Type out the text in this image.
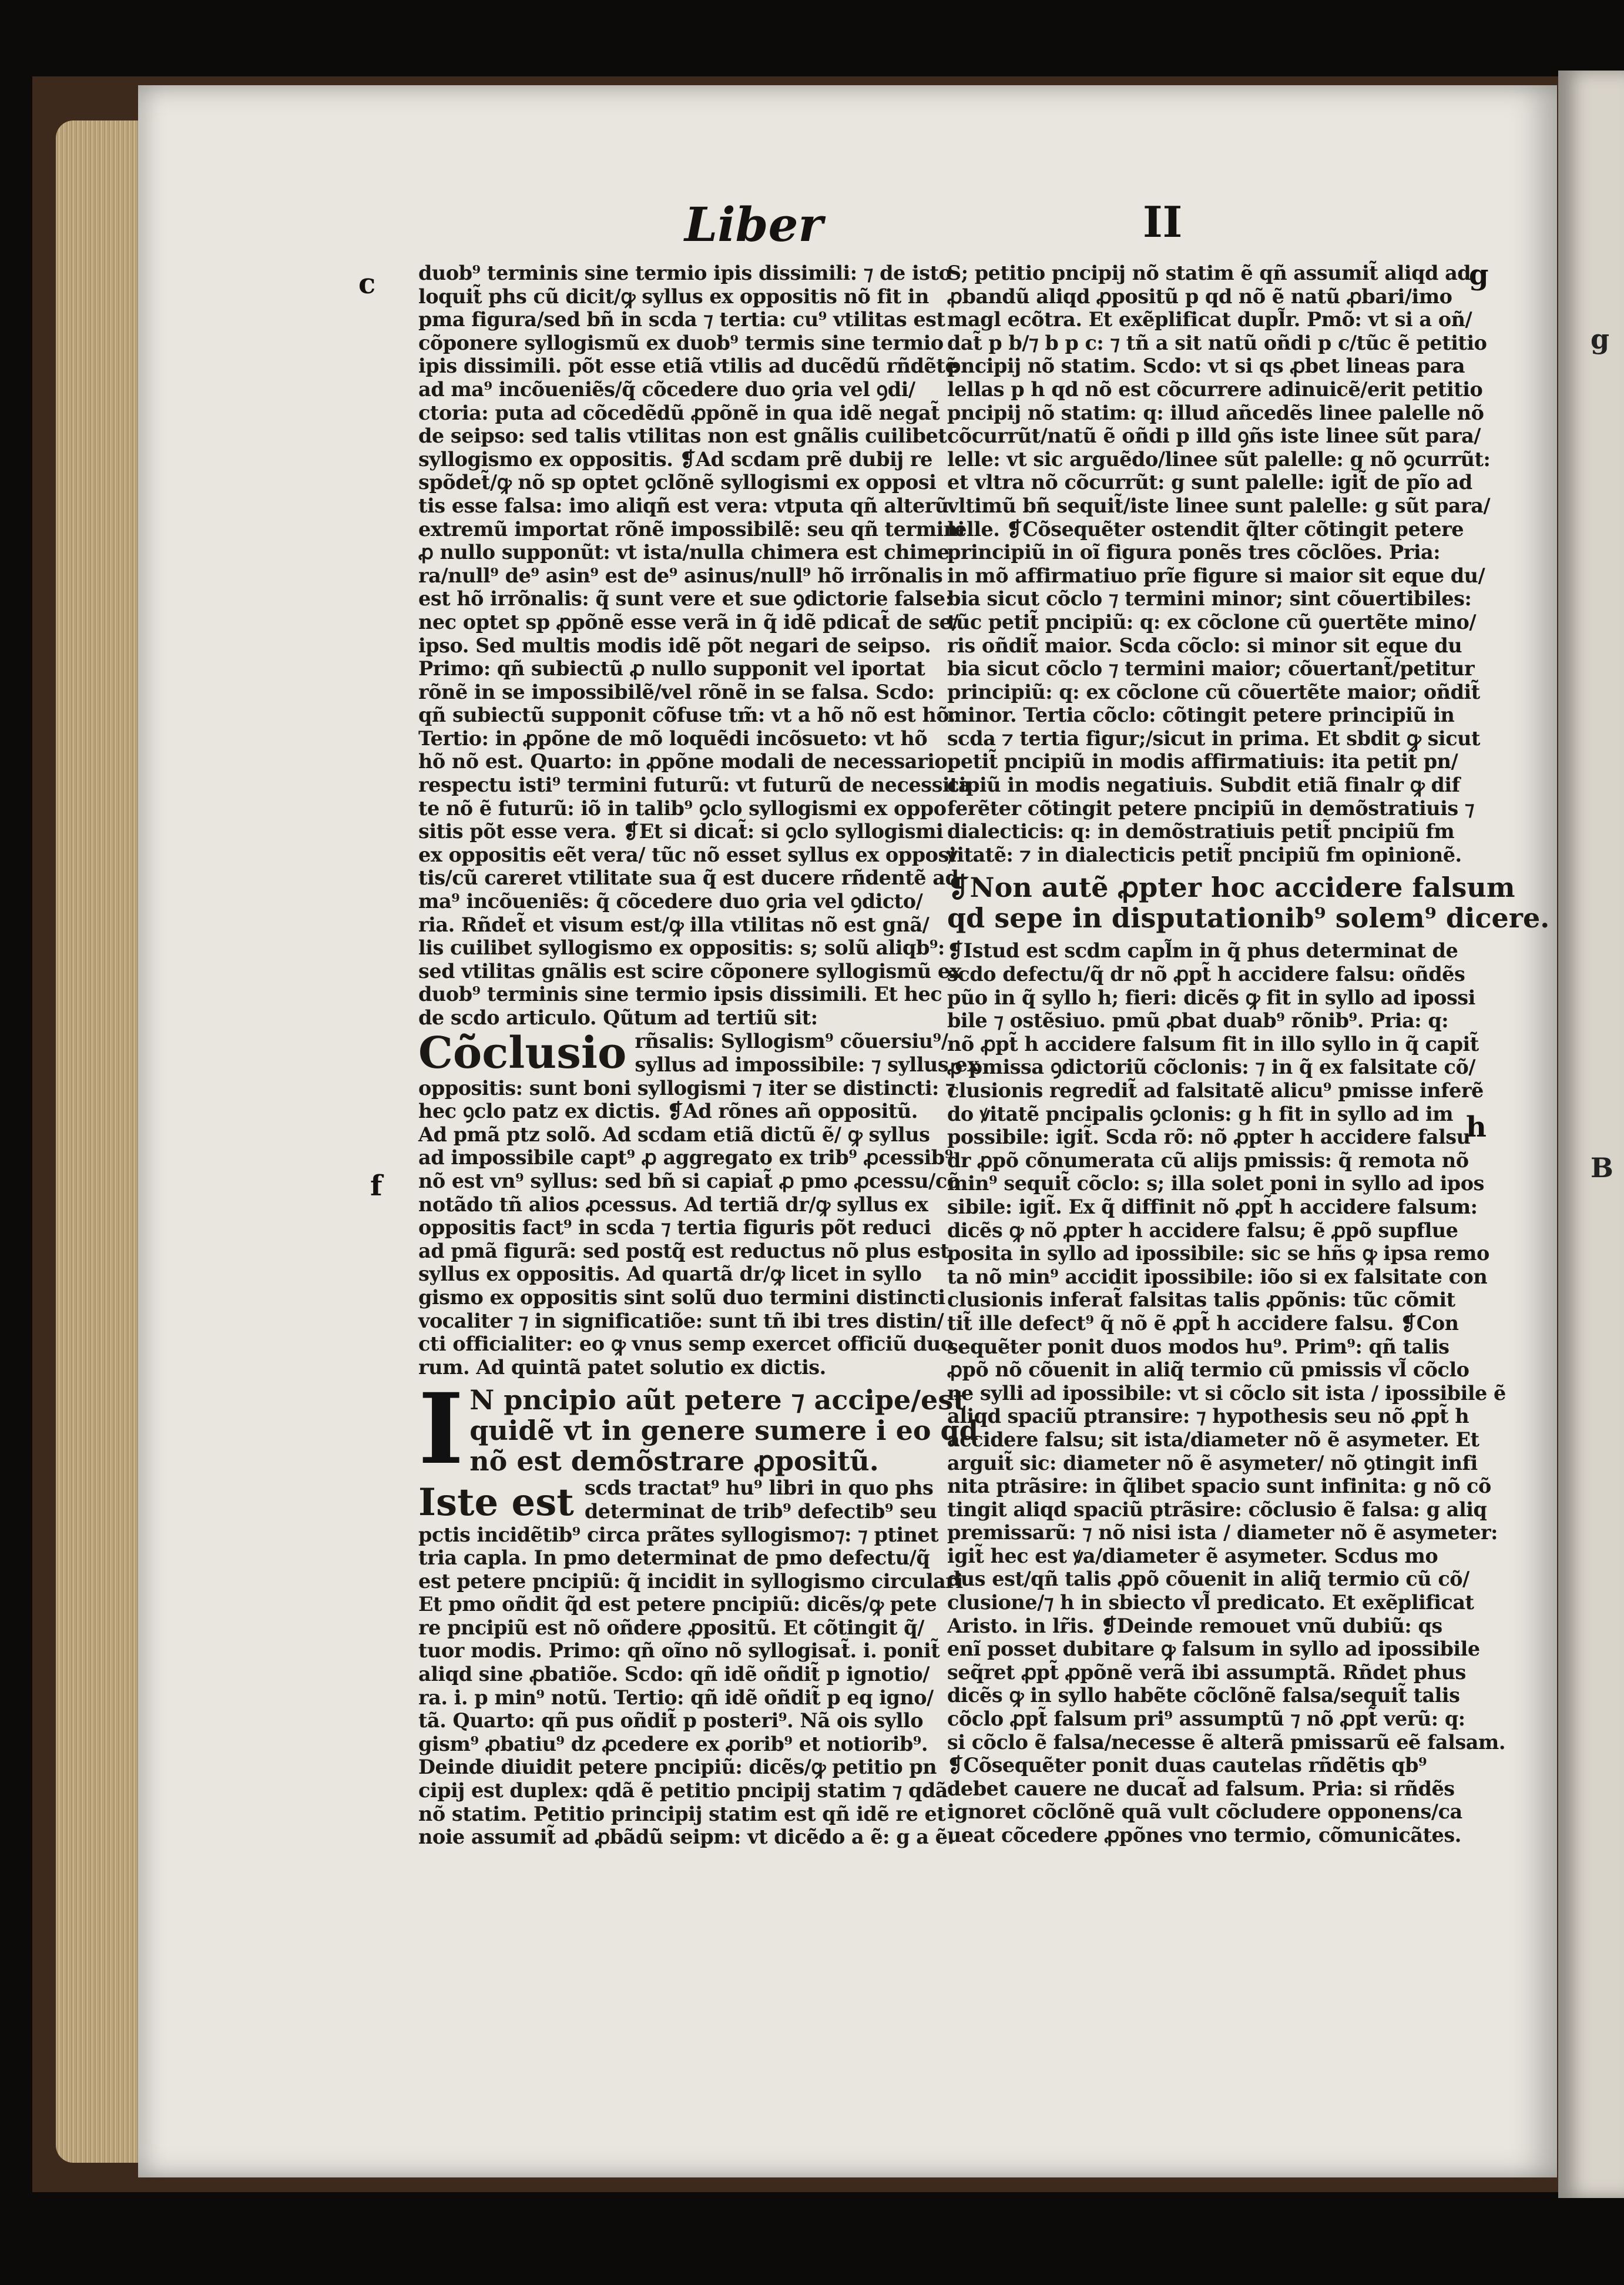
g
B
Liber	II
c
f
g
h
duob⁹ terminis sine termio ipis dissimili: ⁊ de isto
loquit̃ phs cũ dicit/ꝙ syllus ex oppositis nõ fit in
pma figura/sed bñ in scda ⁊ tertia: cu⁹ vtilitas est
cõponere syllogismũ ex duob⁹ termis sine termio
ipis dissimili. põt esse etiã vtilis ad ducẽdũ rñdẽtẽ
ad ma⁹ incõueniẽs/q̃ cõcedere duo ꝯria vel ꝯdi/
ctoria: puta ad cõcedẽdũ ꝓpõnẽ in qua idẽ negat̃
de seipso: sed talis vtilitas non est gnãlis cuilibet
syllogismo ex oppositis. ❡Ad scdam prẽ dubij re
spõdet̃/ꝙ nõ sp optet ꝯclõnẽ syllogismi ex opposi
tis esse falsa: imo aliqñ est vera: vtputa qñ alterũ
extremũ importat rõnẽ impossibilẽ: seu qñ termini
ꝓ nullo supponũt: vt ista/nulla chimera est chime
ra/null⁹ de⁹ asin⁹ est de⁹ asinus/null⁹ hõ irrõnalis
est hõ irrõnalis: q̃ sunt vere et sue ꝯdictorie false:
nec optet sp ꝓpõnẽ esse verã in q̃ idẽ pdicat̃ de se/
ipso. Sed multis modis idẽ põt negari de seipso.
Primo: qñ subiectũ ꝓ nullo supponit vel iportat
rõnẽ in se impossibilẽ/vel rõnẽ in se falsa. Scdo:
qñ subiectũ supponit cõfuse tm̃: vt a hõ nõ est hõ.
Tertio: in ꝓpõne de mõ loquẽdi incõsueto: vt hõ
hõ nõ est. Quarto: in ꝓpõne modali de necessario
respectu isti⁹ termini futurũ: vt futurũ de necessita
te nõ ẽ futurũ: iõ in talib⁹ ꝯclo syllogismi ex oppo
sitis põt esse vera. ❡Et si dicat̃: si ꝯclo syllogismi
ex oppositis eẽt vera/ tũc nõ esset syllus ex opposi
tis/cũ careret vtilitate sua q̃ est ducere rñdentẽ ad
ma⁹ incõueniẽs: q̃ cõcedere duo ꝯria vel ꝯdicto/
ria. Rñdet̃ et visum est/ꝙ illa vtilitas nõ est gnã/
lis cuilibet syllogismo ex oppositis: s; solũ aliqb⁹:
sed vtilitas gnãlis est scire cõponere syllogismũ ex
duob⁹ terminis sine termio ipsis dissimili. Et hec
de scdo articulo. Qũtum ad tertiũ sit:
Cõclusio rñsalis: Syllogism⁹ cõuersiu⁹/
syllus ad impossibile: ⁊ syllus ex
oppositis: sunt boni syllogismi ⁊ iter se distincti: ⁊
hec ꝯclo patz ex dictis. ❡Ad rõnes añ oppositũ.
Ad pmã ptz solõ. Ad scdam etiã dictũ ẽ/ ꝙ syllus
ad impossibile capt⁹ ꝓ aggregato ex trib⁹ ꝓcessib⁹
nõ est vn⁹ syllus: sed bñ si capiat̃ ꝓ pmo ꝓcessu/cõ
notãdo tñ alios ꝓcessus. Ad tertiã dr/ꝙ syllus ex
oppositis fact⁹ in scda ⁊ tertia figuris põt reduci
ad pmã figurã: sed postq̃ est reductus nõ plus est
syllus ex oppositis. Ad quartã dr/ꝙ licet in syllo
gismo ex oppositis sint solũ duo termini distincti
vocaliter ⁊ in significatiõe: sunt tñ ibi tres distin/
cti officialiter: eo ꝙ vnus semp exercet officiũ duo
rum. Ad quintã patet solutio ex dictis.
I N pncipio aũt petere ⁊ accipe/est
quidẽ vt in genere sumere i eo qd
nõ est demõstrare ꝓpositũ.
Iste est scds tractat⁹ hu⁹ libri in quo phs
determinat de trib⁹ defectib⁹ seu
pctis incidẽtib⁹ circa prãtes syllogismo⁊: ⁊ ptinet
tria capla. In pmo determinat de pmo defectu/q̃
est petere pncipiũ: q̃ incidit in syllogismo circulari
Et pmo oñdit q̃d est petere pncipiũ: dicẽs/ꝙ pete
re pncipiũ est nõ oñdere ꝓpositũ. Et cõtingit q̃/
tuor modis. Primo: qñ oĩno nõ syllogisat̃. i. ponit̃
aliqd sine ꝓbatiõe. Scdo: qñ idẽ oñdit̃ p ignotio/
ra. i. p min⁹ notũ. Tertio: qñ idẽ oñdit̃ p eq igno/
tã. Quarto: qñ pus oñdit̃ p posteri⁹. Nã ois syllo
gism⁹ ꝓbatiu⁹ dz ꝓcedere ex ꝓorib⁹ et notiorib⁹.
Deinde diuidit petere pncipiũ: dicẽs/ꝙ petitio pn
cipij est duplex: qdã ẽ petitio pncipij statim ⁊ qdã
nõ statim. Petitio principij statim est qñ idẽ re et
noie assumit̃ ad ꝓbãdũ seipm: vt dicẽdo a ẽ: g a ẽ.
S; petitio pncipij nõ statim ẽ qñ assumit̃ aliqd ad
ꝓbandũ aliqd ꝓpositũ p qd nõ ẽ natũ ꝓbari/imo
magl ecõtra. Et exẽplificat dupl̃r. Pmõ: vt si a oñ/
dat̃ p b/⁊ b p c: ⁊ tñ a sit natũ oñdi p c/tũc ẽ petitio
pncipij nõ statim. Scdo: vt si qs ꝓbet lineas para
lellas p h qd nõ est cõcurrere adinuicẽ/erit petitio
pncipij nõ statim: q: illud añcedẽs linee palelle nõ
cõcurrũt/natũ ẽ oñdi p illd ꝯñs iste linee sũt para/
lelle: vt sic arguẽdo/linee sũt palelle: g nõ ꝯcurrũt:
et vltra nõ cõcurrũt: g sunt palelle: igit̃ de pĩo ad
vltimũ bñ sequit̃/iste linee sunt palelle: g sũt para/
lelle. ❡Cõsequẽter ostendit q̃lter cõtingit petere
principiũ in oĩ figura ponẽs tres cõclões. Pria:
in mõ affirmatiuo prĩe figure si maior sit eque du/
bia sicut cõclo ⁊ termini minor; sint cõuertibiles:
tũc petit̃ pncipiũ: q: ex cõclone cũ ꝯuertẽte mino/
ris oñdit̃ maior. Scda cõclo: si minor sit eque du
bia sicut cõclo ⁊ termini maior; cõuertant̃/petitur
principiũ: q: ex cõclone cũ cõuertẽte maior; oñdit̃
minor. Tertia cõclo: cõtingit petere principiũ in
scda ⁊ tertia figur;/sicut in prima. Et sbdit ꝙ sicut
petit̃ pncipiũ in modis affirmatiuis: ita petit̃ pn/
cipiũ in modis negatiuis. Subdit etiã finalr ꝙ dif
ferẽter cõtingit petere pncipiũ in demõstratiuis ⁊
dialecticis: q: in demõstratiuis petit̃ pncipiũ fm
ꝟitatẽ: ⁊ in dialecticis petit̃ pncipiũ fm opinionẽ.
❡Non autẽ ꝓpter hoc accidere falsum
qd sepe in disputationib⁹ solem⁹ dicere.
❡Istud est scdm capl̃m in q̃ phus determinat de
scdo defectu/q̃ dr nõ ꝓpt̃ h accidere falsu: oñdẽs
pũo in q̃ syllo h; fieri: dicẽs ꝙ fit in syllo ad ipossi
bile ⁊ ostẽsiuo. pmũ ꝓbat duab⁹ rõnib⁹. Pria: q:
nõ ꝓpt̃ h accidere falsum fit in illo syllo in q̃ capit̃
ꝓ pmissa ꝯdictoriũ cõclonis: ⁊ in q̃ ex falsitate cõ/
clusionis regredit̃ ad falsitatẽ alicu⁹ pmisse inferẽ
do ꝟitatẽ pncipalis ꝯclonis: g h fit in syllo ad im
possibile: igit̃. Scda rõ: nõ ꝓpter h accidere falsu
dr ꝓpõ cõnumerata cũ alijs pmissis: q̃ remota nõ
min⁹ sequit̃ cõclo: s; illa solet poni in syllo ad ipos
sibile: igit̃. Ex q̃ diffinit nõ ꝓpt̃ h accidere falsum:
dicẽs ꝙ nõ ꝓpter h accidere falsu; ẽ ꝓpõ supflue
posita in syllo ad ipossibile: sic se hñs ꝙ ipsa remo
ta nõ min⁹ accidit ipossibile: iõo si ex falsitate con
clusionis inferat̃ falsitas talis ꝓpõnis: tũc cõmit
tit̃ ille defect⁹ q̃ nõ ẽ ꝓpt̃ h accidere falsu. ❡Con
sequẽter ponit duos modos hu⁹. Prim⁹: qñ talis
ꝓpõ nõ cõuenit in aliq̃ termio cũ pmissis vl̃ cõclo
ne sylli ad ipossibile: vt si cõclo sit ista / ipossibile ẽ
aliqd spaciũ ptransire: ⁊ hypothesis seu nõ ꝓpt̃ h
accidere falsu; sit ista/diameter nõ ẽ asymeter. Et
arguit̃ sic: diameter nõ ẽ asymeter/ nõ ꝯtingit infi
nita ptrãsire: in q̃libet spacio sunt infinita: g nõ cõ
tingit aliqd spaciũ ptrãsire: cõclusio ẽ falsa: g aliq
premissarũ: ⁊ nõ nisi ista / diameter nõ ẽ asymeter:
igit̃ hec est ꝟa/diameter ẽ asymeter. Scdus mo
dus est/qñ talis ꝓpõ cõuenit in aliq̃ termio cũ cõ/
clusione/⁊ h in sbiecto vl̃ predicato. Et exẽplificat
Aristo. in lr̃is. ❡Deinde remouet vnũ dubiũ: qs
enĩ posset dubitare ꝙ falsum in syllo ad ipossibile
seq̃ret ꝓpt̃ ꝓpõnẽ verã ibi assumptã. Rñdet phus
dicẽs ꝙ in syllo habẽte cõclõnẽ falsa/sequit̃ talis
cõclo ꝓpt̃ falsum pri⁹ assumptũ ⁊ nõ ꝓpt̃ verũ: q:
si cõclo ẽ falsa/necesse ẽ alterã pmissarũ eẽ falsam.
❡Cõsequẽter ponit duas cautelas rñdẽtis qb⁹
debet cauere ne ducat̃ ad falsum. Pria: si rñdẽs
ignoret cõclõnẽ quã vult cõcludere opponens/ca
ueat cõcedere ꝓpõnes vno termio, cõmunicãtes.
